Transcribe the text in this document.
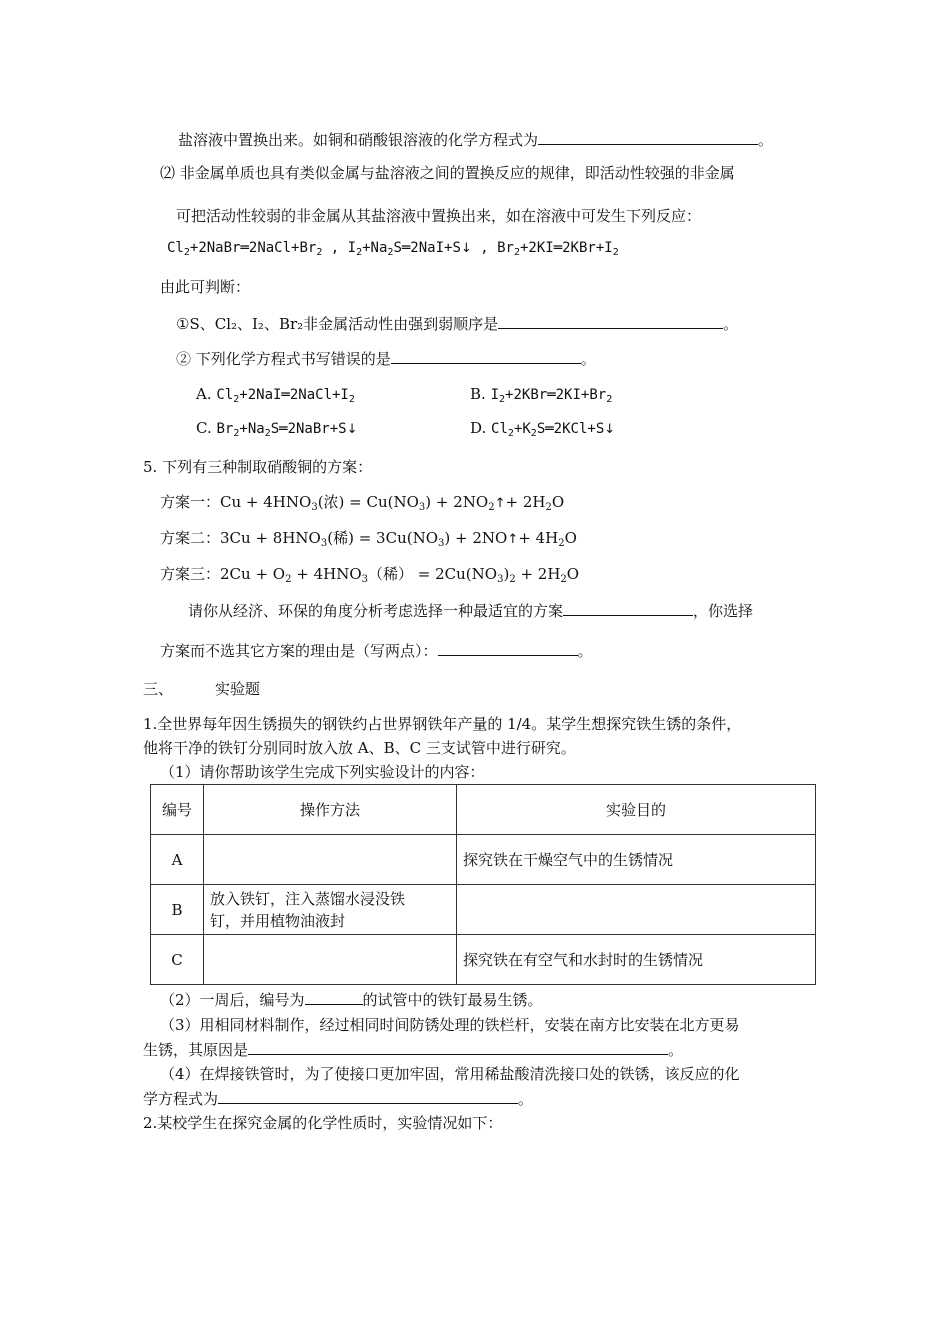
盐溶液中置换出来。如铜和硝酸银溶液的化学方程式为	。
⑵ 非金属单质也具有类似金属与盐溶液之间的置换反应的规律，即活动性较强的非金属
可把活动性较弱的非金属从其盐溶液中置换出来，如在溶液中可发生下列反应：
$Cl_2+2NaBr═2NaCl+Br_2$ , $I_2+Na_2S═2NaI+S↓$ , $Br_2+2KI═2KBr+I_2$
由此可判断：
①S、Cl₂、I₂、Br₂非金属活动性由强到弱顺序是	。
② 下列化学方程式书写错误的是	。
A. $Cl_2+2NaI═2NaCl+I_2$	B. $I_2+2KBr═2KI+Br_2$
C. $Br_2+Na_2S═2NaBr+S↓$	D. $Cl_2+K_2S═2KCl+S↓$
5. 下列有三种制取硝酸铜的方案：
方案一：$Cu + 4HNO_3$(浓) = $Cu(NO_3)$ + $2NO_2↑+ 2H_2O$
方案二：$3Cu + 8HNO_3$(稀) = $3Cu(NO_3)$ + 2NO↑+ $4H_2O$
方案三：$2Cu + O_2 + 4HNO_3$（稀） = $2Cu(NO_3)_2 + 2H_2O$
请你从经济、环保的角度分析考虑选择一种最适宜的方案	，你选择
方案而不选其它方案的理由是（写两点）：	。
三、	实验题
1.全世界每年因生锈损失的钢铁约占世界钢铁年产量的 1/4。某学生想探究铁生锈的条件，
他将干净的铁钉分别同时放入放 A、B、C 三支试管中进行研究。
（1）请你帮助该学生完成下列实验设计的内容：
编号	操作方法	实验目的
A		探究铁在干燥空气中的生锈情况
B	放入铁钉，注入蒸馏水浸没铁
钉，并用植物油液封	

C		探究铁在有空气和水封时的生锈情况
（2）一周后，编号为	的试管中的铁钉最易生锈。
（3）用相同材料制作，经过相同时间防锈处理的铁栏杆，安装在南方比安装在北方更易
生锈，其原因是	。
（4）在焊接铁管时，为了使接口更加牢固，常用稀盐酸清洗接口处的铁锈，该反应的化
学方程式为	。
2.某校学生在探究金属的化学性质时，实验情况如下：
